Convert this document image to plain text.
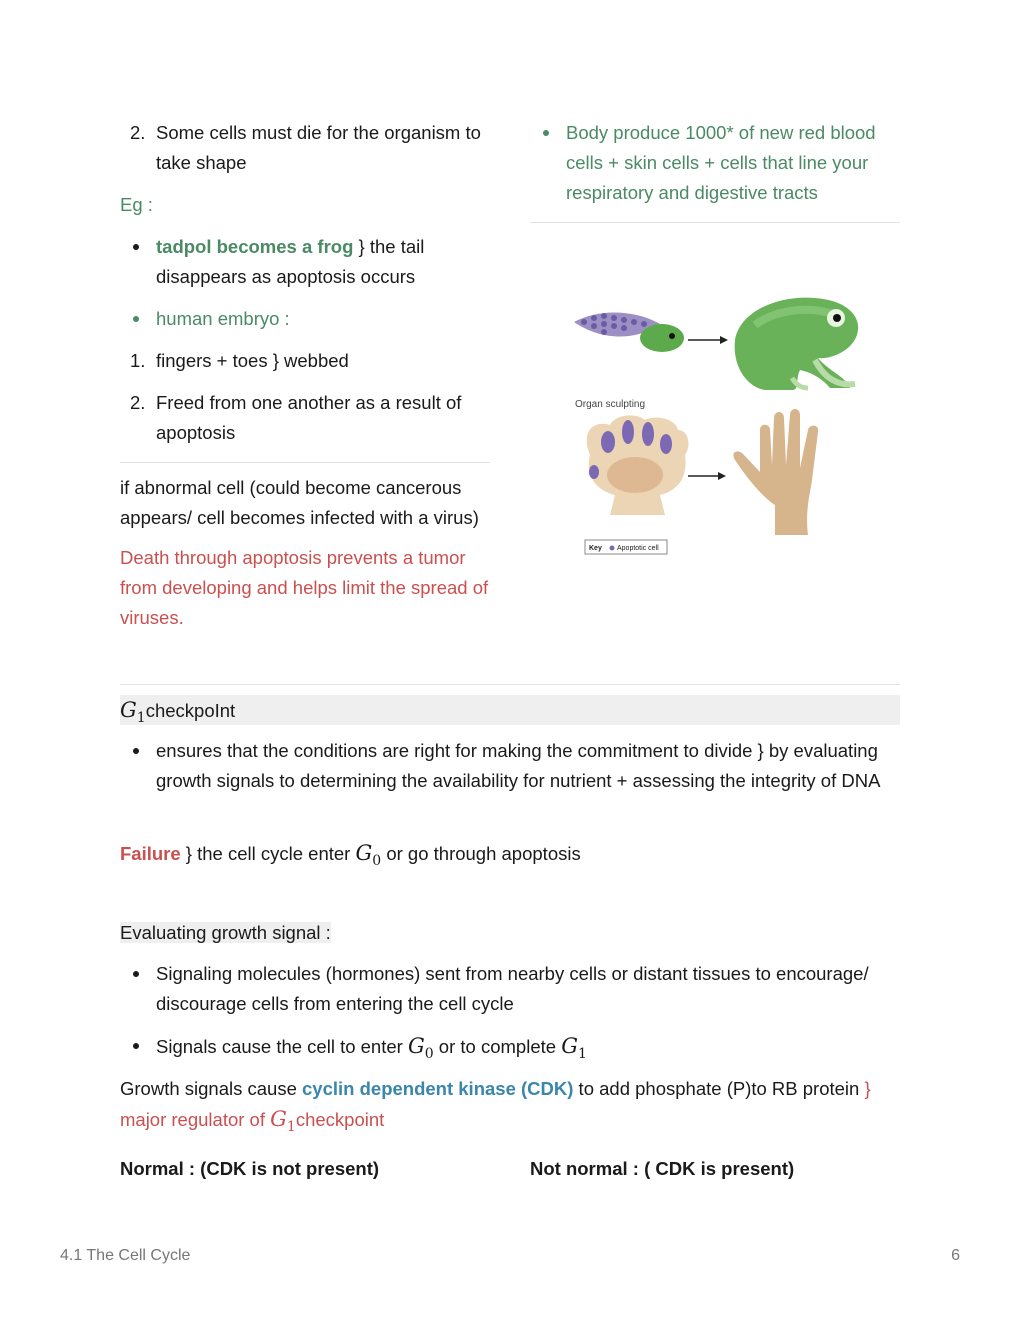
2. Some cells must die for the organism to take shape

Eg :

tadpol becomes a frog } the tail disappears as apoptosis occurs
human embryo :
1. fingers + toes } webbed
2. Freed from one another as a result of apoptosis

if abnormal cell (could become cancerous appears/ cell becomes infected with a virus)

Death through apoptosis prevents a tumor from developing and helps limit the spread of viruses.

Body produce 1000* of new red blood cells + skin cells + cells that line your respiratory and digestive tracts
Organ sculpting
Key Apoptotic cell
$G_1checkpoInt$
ensures that the conditions are right for making the commitment to divide } by evaluating growth signals to determining the availability for nutrient + assessing the integrity of DNA
Failure } the cell cycle enter $G_0$ or go through apoptosis
Evaluating growth signal :
Signaling molecules (hormones) sent from nearby cells or distant tissues to encourage/ discourage cells from entering the cell cycle
Signals cause the cell to enter $G_0$ or to complete $G_1$
Growth signals cause cyclin dependent kinase (CDK) to add phosphate (P)to RB protein } major regulator of $G_1checkpoint$
Normal : (CDK is not present)	Not normal : ( CDK is present)
4.1 The Cell Cycle	6
